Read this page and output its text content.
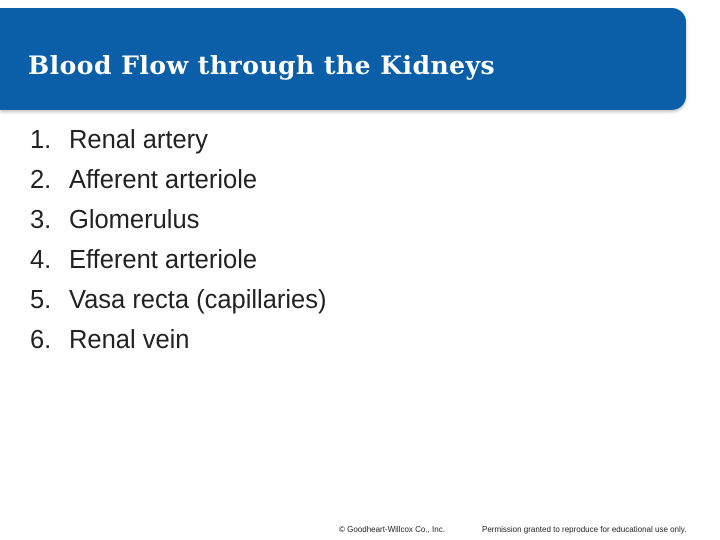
Blood Flow through the Kidneys
1. Renal artery
2. Afferent arteriole
3. Glomerulus
4. Efferent arteriole
5. Vasa recta (capillaries)
6. Renal vein
© Goodheart-Willcox Co., Inc.	Permission granted to reproduce for educational use only.
